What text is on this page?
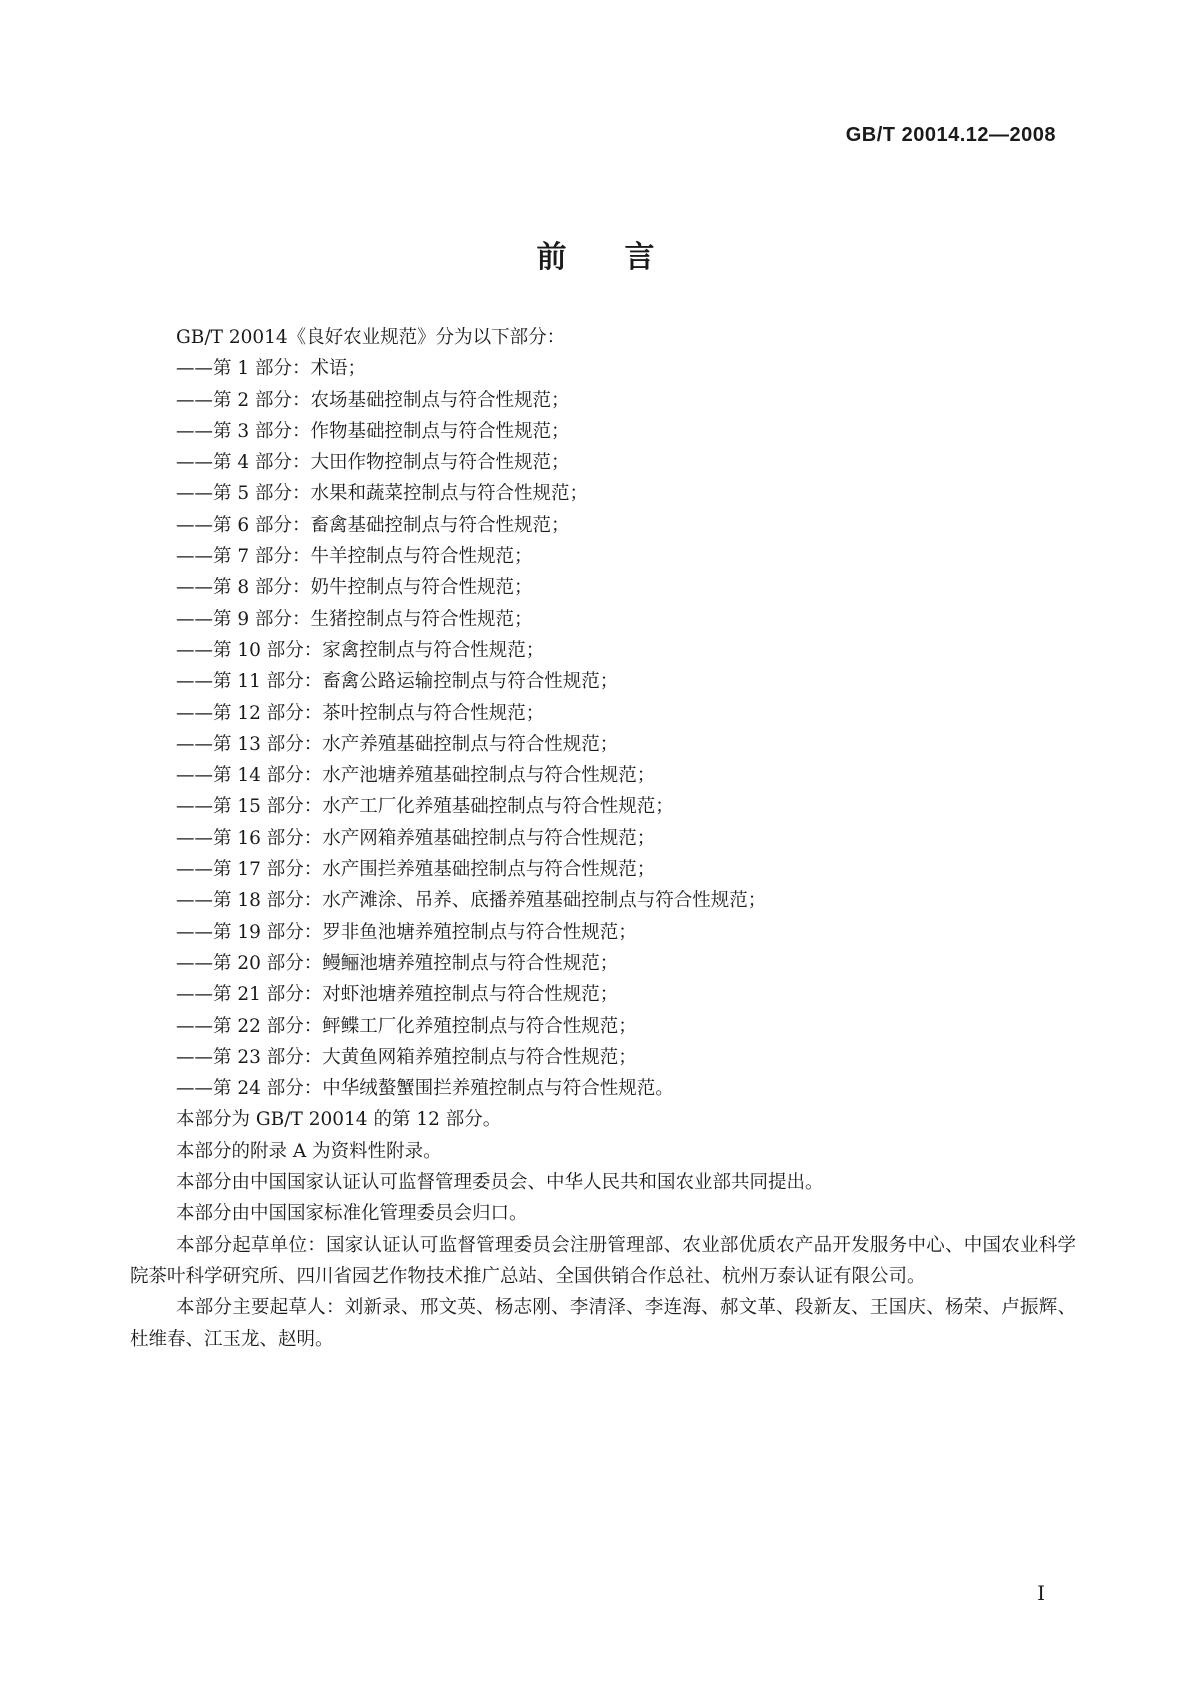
GB/T 20014.12—2008
前言
GB/T 20014《良好农业规范》分为以下部分：
——第 1 部分：术语；
——第 2 部分：农场基础控制点与符合性规范；
——第 3 部分：作物基础控制点与符合性规范；
——第 4 部分：大田作物控制点与符合性规范；
——第 5 部分：水果和蔬菜控制点与符合性规范；
——第 6 部分：畜禽基础控制点与符合性规范；
——第 7 部分：牛羊控制点与符合性规范；
——第 8 部分：奶牛控制点与符合性规范；
——第 9 部分：生猪控制点与符合性规范；
——第 10 部分：家禽控制点与符合性规范；
——第 11 部分：畜禽公路运输控制点与符合性规范；
——第 12 部分：茶叶控制点与符合性规范；
——第 13 部分：水产养殖基础控制点与符合性规范；
——第 14 部分：水产池塘养殖基础控制点与符合性规范；
——第 15 部分：水产工厂化养殖基础控制点与符合性规范；
——第 16 部分：水产网箱养殖基础控制点与符合性规范；
——第 17 部分：水产围拦养殖基础控制点与符合性规范；
——第 18 部分：水产滩涂、吊养、底播养殖基础控制点与符合性规范；
——第 19 部分：罗非鱼池塘养殖控制点与符合性规范；
——第 20 部分：鳗鲡池塘养殖控制点与符合性规范；
——第 21 部分：对虾池塘养殖控制点与符合性规范；
——第 22 部分：鲆鲽工厂化养殖控制点与符合性规范；
——第 23 部分：大黄鱼网箱养殖控制点与符合性规范；
——第 24 部分：中华绒螯蟹围拦养殖控制点与符合性规范。
本部分为 GB/T 20014 的第 12 部分。
本部分的附录 A 为资料性附录。
本部分由中国国家认证认可监督管理委员会、中华人民共和国农业部共同提出。
本部分由中国国家标准化管理委员会归口。
本部分起草单位：国家认证认可监督管理委员会注册管理部、农业部优质农产品开发服务中心、中国农业科学院茶叶科学研究所、四川省园艺作物技术推广总站、全国供销合作总社、杭州万泰认证有限公司。
本部分主要起草人：刘新录、邢文英、杨志刚、李清泽、李连海、郝文革、段新友、王国庆、杨荣、卢振辉、杜维春、江玉龙、赵明。
I
